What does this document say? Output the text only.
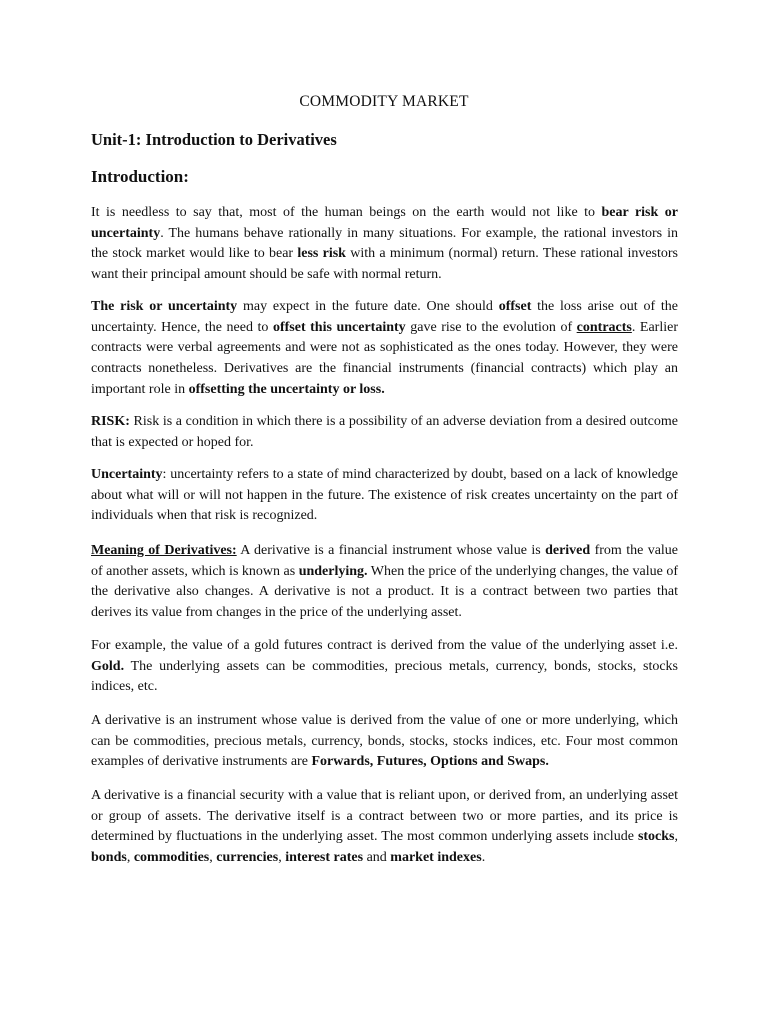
COMMODITY MARKET
Unit-1: Introduction to Derivatives
Introduction:

It is needless to say that, most of the human beings on the earth would not like to bear risk or uncertainty. The humans behave rationally in many situations. For example, the rational investors in the stock market would like to bear less risk with a minimum (normal) return. These rational investors want their principal amount should be safe with normal return.

The risk or uncertainty may expect in the future date. One should offset the loss arise out of the uncertainty. Hence, the need to offset this uncertainty gave rise to the evolution of contracts. Earlier contracts were verbal agreements and were not as sophisticated as the ones today. However, they were contracts nonetheless. Derivatives are the financial instruments (financial contracts) which play an important role in offsetting the uncertainty or loss.

RISK: Risk is a condition in which there is a possibility of an adverse deviation from a desired outcome that is expected or hoped for.

Uncertainty: uncertainty refers to a state of mind characterized by doubt, based on a lack of knowledge about what will or will not happen in the future. The existence of risk creates uncertainty on the part of individuals when that risk is recognized.

Meaning of Derivatives: A derivative is a financial instrument whose value is derived from the value of another assets, which is known as underlying. When the price of the underlying changes, the value of the derivative also changes. A derivative is not a product. It is a contract between two parties that derives its value from changes in the price of the underlying asset.

For example, the value of a gold futures contract is derived from the value of the underlying asset i.e. Gold. The underlying assets can be commodities, precious metals, currency, bonds, stocks, stocks indices, etc.

A derivative is an instrument whose value is derived from the value of one or more underlying, which can be commodities, precious metals, currency, bonds, stocks, stocks indices, etc. Four most common examples of derivative instruments are Forwards, Futures, Options and Swaps.

A derivative is a financial security with a value that is reliant upon, or derived from, an underlying asset or group of assets. The derivative itself is a contract between two or more parties, and its price is determined by fluctuations in the underlying asset. The most common underlying assets include stocks, bonds, commodities, currencies, interest rates and market indexes.
